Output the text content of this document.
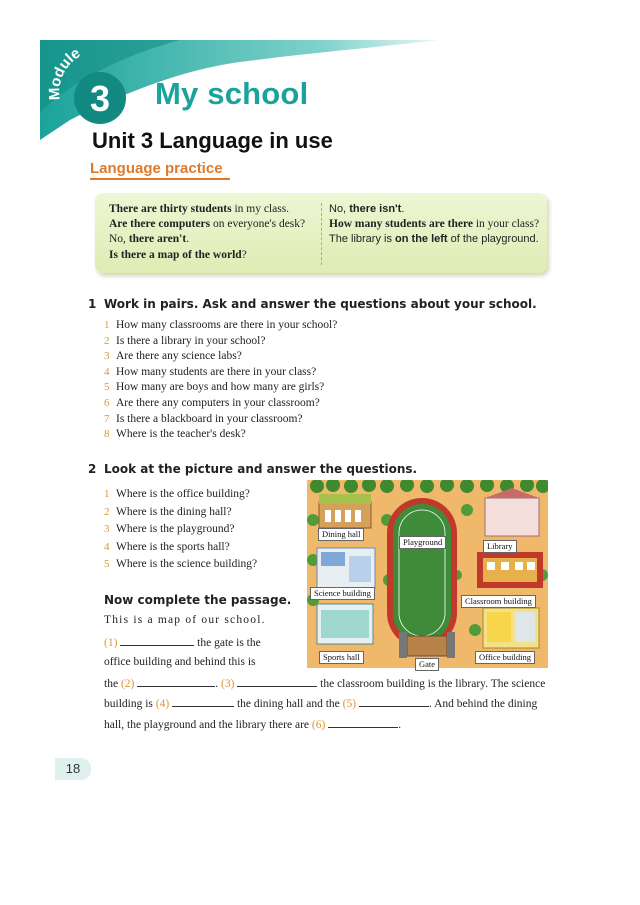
Module
3	My school
Unit 3 Language in use
Language practice
There are thirty students in my class.
Are there computers on everyone's desk?
No, there aren't.
Is there a map of the world?
No, there isn't.
How many students are there in your class?
The library is on the left of the playground.
1 Work in pairs. Ask and answer the questions about your school.
1 How many classrooms are there in your school?
2 Is there a library in your school?
3 Are there any science labs?
4 How many students are there in your class?
5 How many are boys and how many are girls?
6 Are there any computers in your classroom?
7 Is there a blackboard in your classroom?
8 Where is the teacher's desk?
2 Look at the picture and answer the questions.
1 Where is the office building?
2 Where is the dining hall?
3 Where is the playground?
4 Where is the sports hall?
5 Where is the science building?
Now complete the passage.
This is a map of our school.
(1)	the gate is the
office building and behind this is
the (2)	. (3)	the classroom building is the library. The science
building is (4)	the dining hall and the (5)	. And behind the dining
hall, the playground and the library there are (6)	.
Dining hall
Playground	Library
Science building
Classroom building
Sports hall
Gate
Office building
18
